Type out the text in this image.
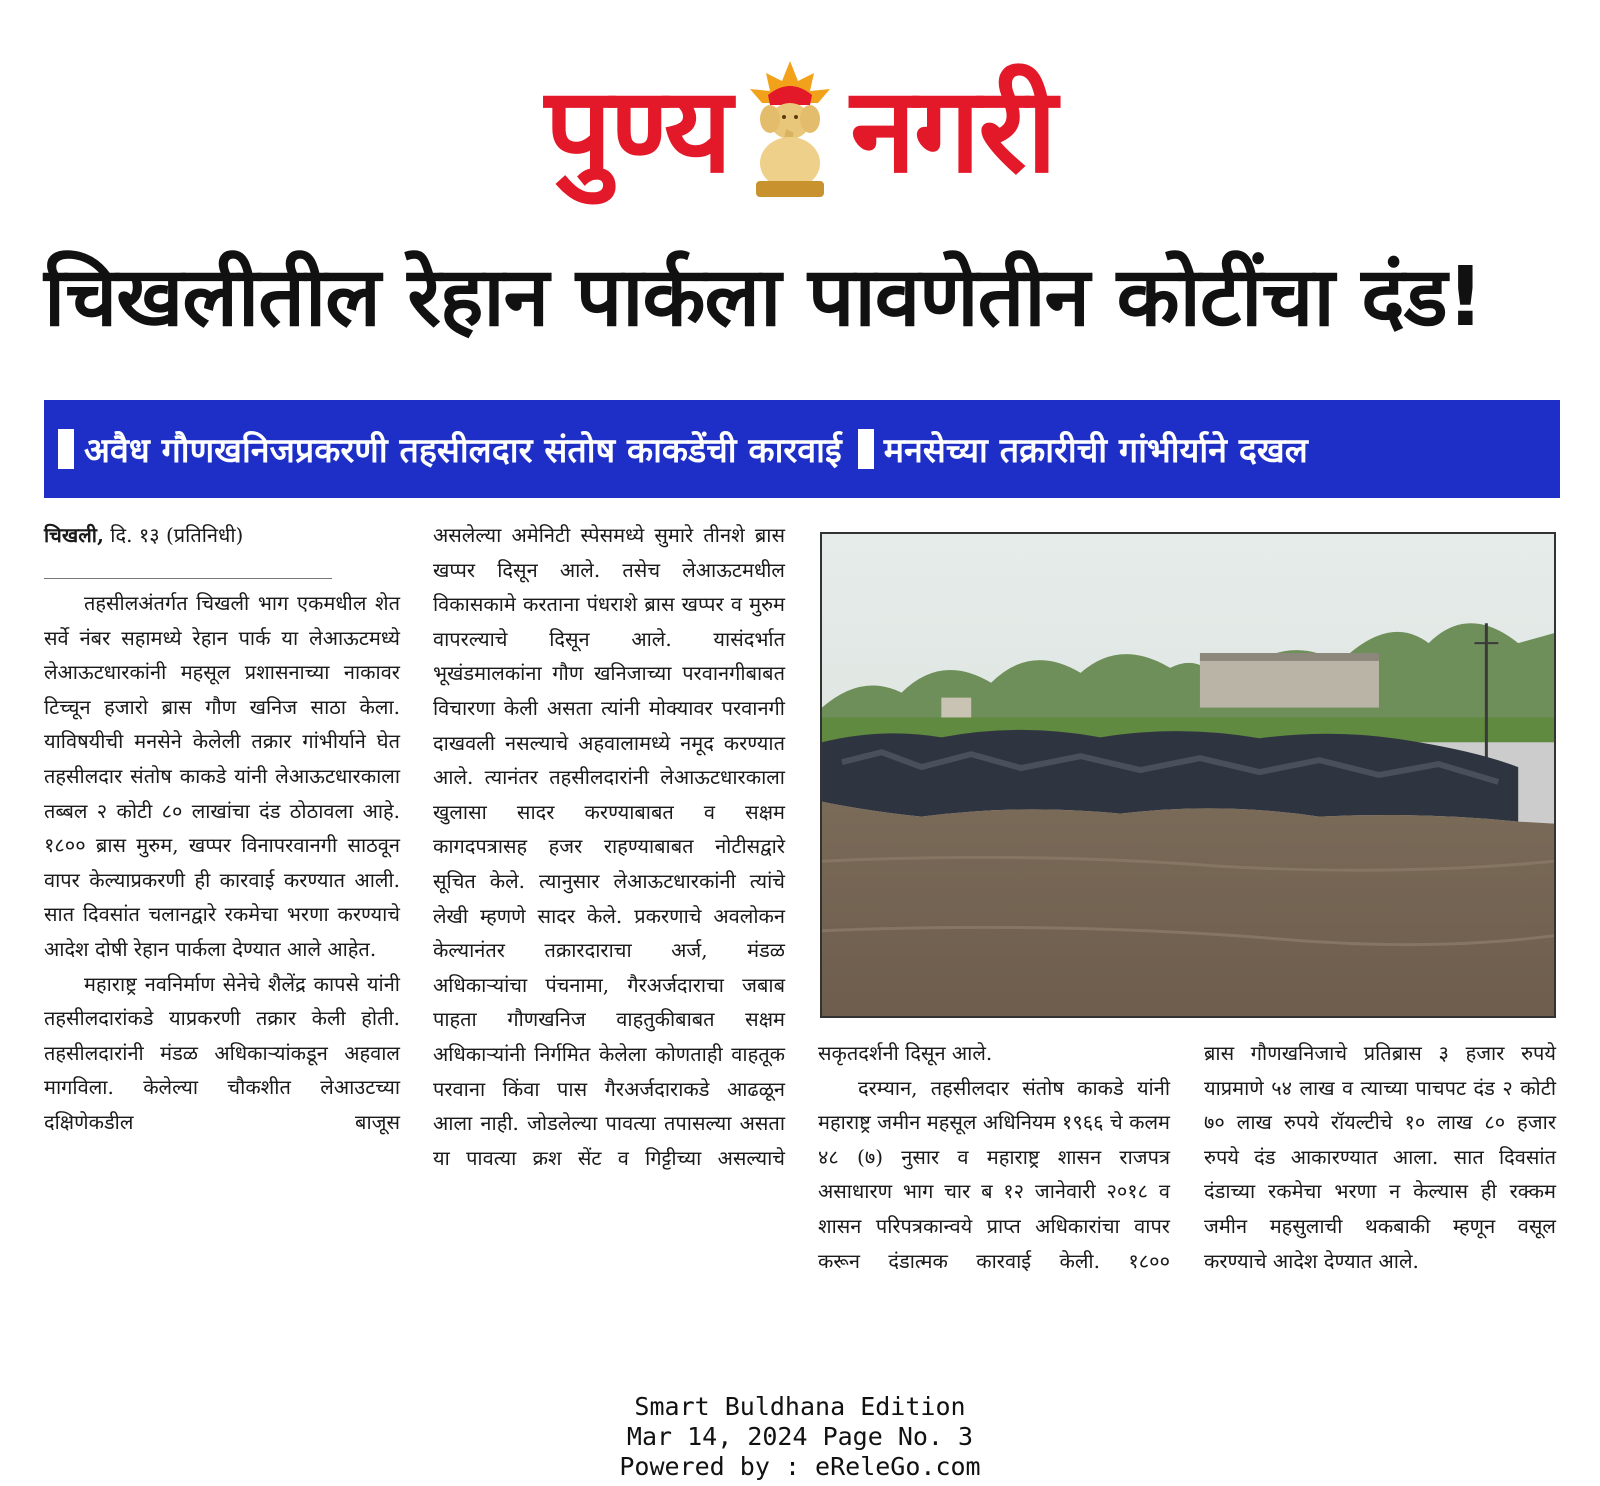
पुण्य नगरी
चिखलीतील रेहान पार्कला पावणेतीन कोटींचा दंड!
अवैध गौणखनिजप्रकरणी तहसीलदार संतोष काकडेंची कारवाई मनसेच्या तक्रारीची गांभीर्याने दखल
चिखली, दि. १३ (प्रतिनिधी)

तहसीलअंतर्गत चिखली भाग एकमधील शेत सर्वे नंबर सहामध्ये रेहान पार्क या लेआऊटमध्ये लेआऊटधारकांनी महसूल प्रशासनाच्या नाकावर टिच्चून हजारो ब्रास गौण खनिज साठा केला. याविषयीची मनसेने केलेली तक्रार गांभीर्याने घेत तहसीलदार संतोष काकडे यांनी लेआऊटधारकाला तब्बल २ कोटी ८० लाखांचा दंड ठोठावला आहे. १८०० ब्रास मुरुम, खप्पर विनापरवानगी साठवून वापर केल्याप्रकरणी ही कारवाई करण्यात आली. सात दिवसांत चलानद्वारे रकमेचा भरणा करण्याचे आदेश दोषी रेहान पार्कला देण्यात आले आहेत.

महाराष्ट्र नवनिर्माण सेनेचे शैलेंद्र कापसे यांनी तहसीलदारांकडे याप्रकरणी तक्रार केली होती. तहसीलदारांनी मंडळ अधिकाऱ्यांकडून अहवाल मागविला. केलेल्या चौकशीत लेआउटच्या दक्षिणेकडील बाजूस

असलेल्या अमेनिटी स्पेसमध्ये सुमारे तीनशे ब्रास खप्पर दिसून आले. तसेच लेआऊटमधील विकासकामे करताना पंधराशे ब्रास खप्पर व मुरुम वापरल्याचे दिसून आले. यासंदर्भात भूखंडमालकांना गौण खनिजाच्या परवानगीबाबत विचारणा केली असता त्यांनी मोक्यावर परवानगी दाखवली नसल्याचे अहवालामध्ये नमूद करण्यात आले. त्यानंतर तहसीलदारांनी लेआऊटधारकाला खुलासा सादर करण्याबाबत व सक्षम कागदपत्रासह हजर राहण्याबाबत नोटीसद्वारे सूचित केले. त्यानुसार लेआऊटधारकांनी त्यांचे लेखी म्हणणे सादर केले. प्रकरणाचे अवलोकन केल्यानंतर तक्रारदाराचा अर्ज, मंडळ अधिकाऱ्यांचा पंचनामा, गैरअर्जदाराचा जबाब पाहता गौणखनिज वाहतुकीबाबत सक्षम अधिकाऱ्यांनी निर्गमित केलेला कोणताही वाहतूक परवाना किंवा पास गैरअर्जदाराकडे आढळून आला नाही. जोडलेल्या पावत्या तपासल्या असता या पावत्या क्रश सेंट व गिट्टीच्या असल्याचे

सकृतदर्शनी दिसून आले.

दरम्यान, तहसीलदार संतोष काकडे यांनी महाराष्ट्र जमीन महसूल अधिनियम १९६६ चे कलम ४८ (७) नुसार व महाराष्ट्र शासन राजपत्र असाधारण भाग चार ब १२ जानेवारी २०१८ व शासन परिपत्रकान्वये प्राप्त अधिकारांचा वापर करून दंडात्मक कारवाई केली. १८००

ब्रास गौणखनिजाचे प्रतिब्रास ३ हजार रुपये याप्रमाणे ५४ लाख व त्याच्या पाचपट दंड २ कोटी ७० लाख रुपये रॉयल्टीचे १० लाख ८० हजार रुपये दंड आकारण्यात आला. सात दिवसांत दंडाच्या रकमेचा भरणा न केल्यास ही रक्कम जमीन महसुलाची थकबाकी म्हणून वसूल करण्याचे आदेश देण्यात आले.

Smart Buldhana Edition
Mar 14, 2024 Page No. 3
Powered by : eReleGo.com
